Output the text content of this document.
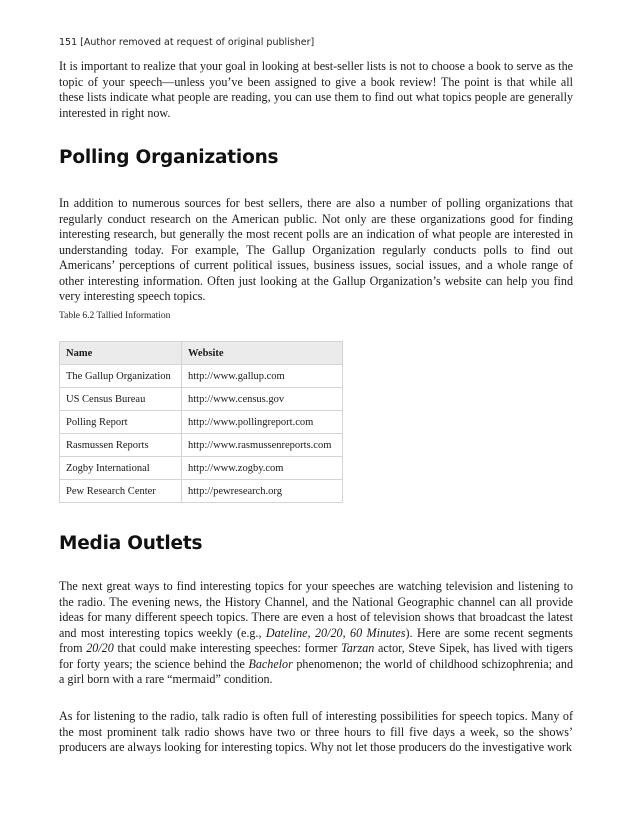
151 [Author removed at request of original publisher]

It is important to realize that your goal in looking at best-seller lists is not to choose a book to serve as the topic of your speech—unless you’ve been assigned to give a book review! The point is that while all these lists indicate what people are reading, you can use them to find out what topics people are generally interested in right now.

Polling Organizations

In addition to numerous sources for best sellers, there are also a number of polling organizations that regularly conduct research on the American public. Not only are these organizations good for finding interesting research, but generally the most recent polls are an indication of what people are interested in understanding today. For example, The Gallup Organization regularly conducts polls to find out Americans’ perceptions of current political issues, business issues, social issues, and a whole range of other interesting information. Often just looking at the Gallup Organization’s website can help you find very interesting speech topics.

Table 6.2 Tallied Information
Name	Website
The Gallup Organization	http://www.gallup.com
US Census Bureau	http://www.census.gov
Polling Report	http://www.pollingreport.com
Rasmussen Reports	http://www.rasmussenreports.com
Zogby International	http://www.zogby.com
Pew Research Center	http://pewresearch.org
Media Outlets

The next great ways to find interesting topics for your speeches are watching television and listening to the radio. The evening news, the History Channel, and the National Geographic channel can all provide ideas for many different speech topics. There are even a host of television shows that broadcast the latest and most interesting topics weekly (e.g., Dateline, 20/20, 60 Minutes). Here are some recent segments from 20/20 that could make interesting speeches: former Tarzan actor, Steve Sipek, has lived with tigers for forty years; the science behind the Bachelor phenomenon; the world of childhood schizophrenia; and a girl born with a rare “mermaid” condition.

As for listening to the radio, talk radio is often full of interesting possibilities for speech topics. Many of the most prominent talk radio shows have two or three hours to fill five days a week, so the shows’ producers are always looking for interesting topics. Why not let those producers do the investigative work
